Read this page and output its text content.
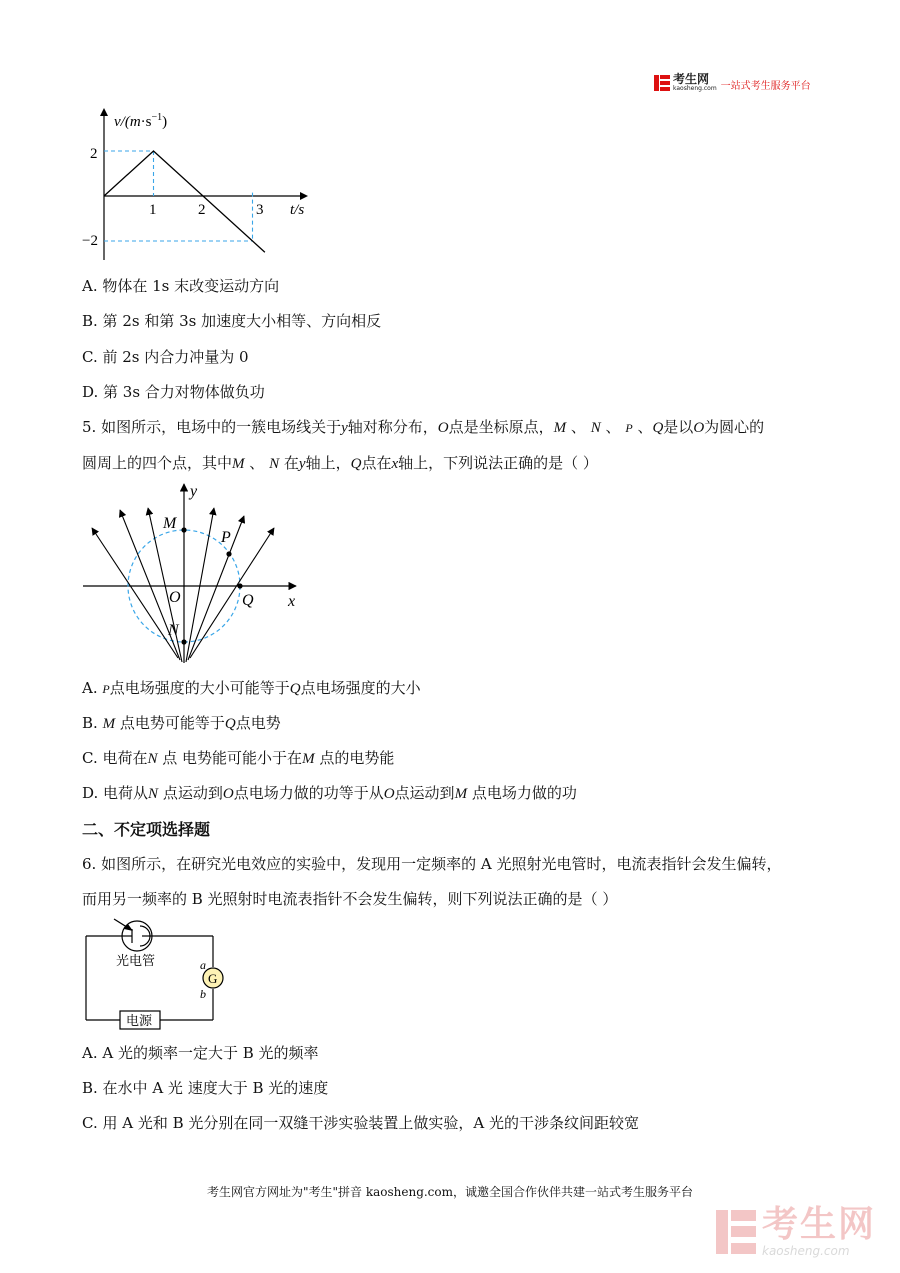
考生网
kaosheng.com 一站式考生服务平台
$v/(m\cdot s^{-1})$
t/s
1	2	3
2
−2
A. 物体在 1s 末改变运动方向
B. 第 2s 和第 3s 加速度大小相等、方向相反
C. 前 2s 内合力冲量为 0
D. 第 3s 合力对物体做负功
5. 如图所示，电场中的一簇电场线关于y轴对称分布，O点是坐标原点，M 、 N 、 P 、Q是以O为圆心的
圆周上的四个点，其中M 、 N 在y轴上，Q点在x轴上，下列说法正确的是（ ）
y
x
M
P
O	Q
N
A. P点电场强度的大小可能等于Q点电场强度的大小
B. M 点电势可能等于Q点电势
C. 电荷在N 点 电势能可能小于在M 点的电势能
D. 电荷从N 点运动到O点电场力做的功等于从O点运动到M 点电场力做的功
二、不定项选择题
6. 如图所示，在研究光电效应的实验中，发现用一定频率的 A 光照射光电管时，电流表指针会发生偏转，
而用另一频率的 B 光照射时电流表指针不会发生偏转，则下列说法正确的是（ ）
光电管
G
a
b
电源
A. A 光的频率一定大于 B 光的频率
B. 在水中 A 光 速度大于 B 光的速度
C. 用 A 光和 B 光分别在同一双缝干涉实验装置上做实验，A 光的干涉条纹间距较宽
考生网官方网址为"考生"拼音 kaosheng.com，诚邀全国合作伙伴共建一站式考生服务平台
考生网
kaosheng.com
